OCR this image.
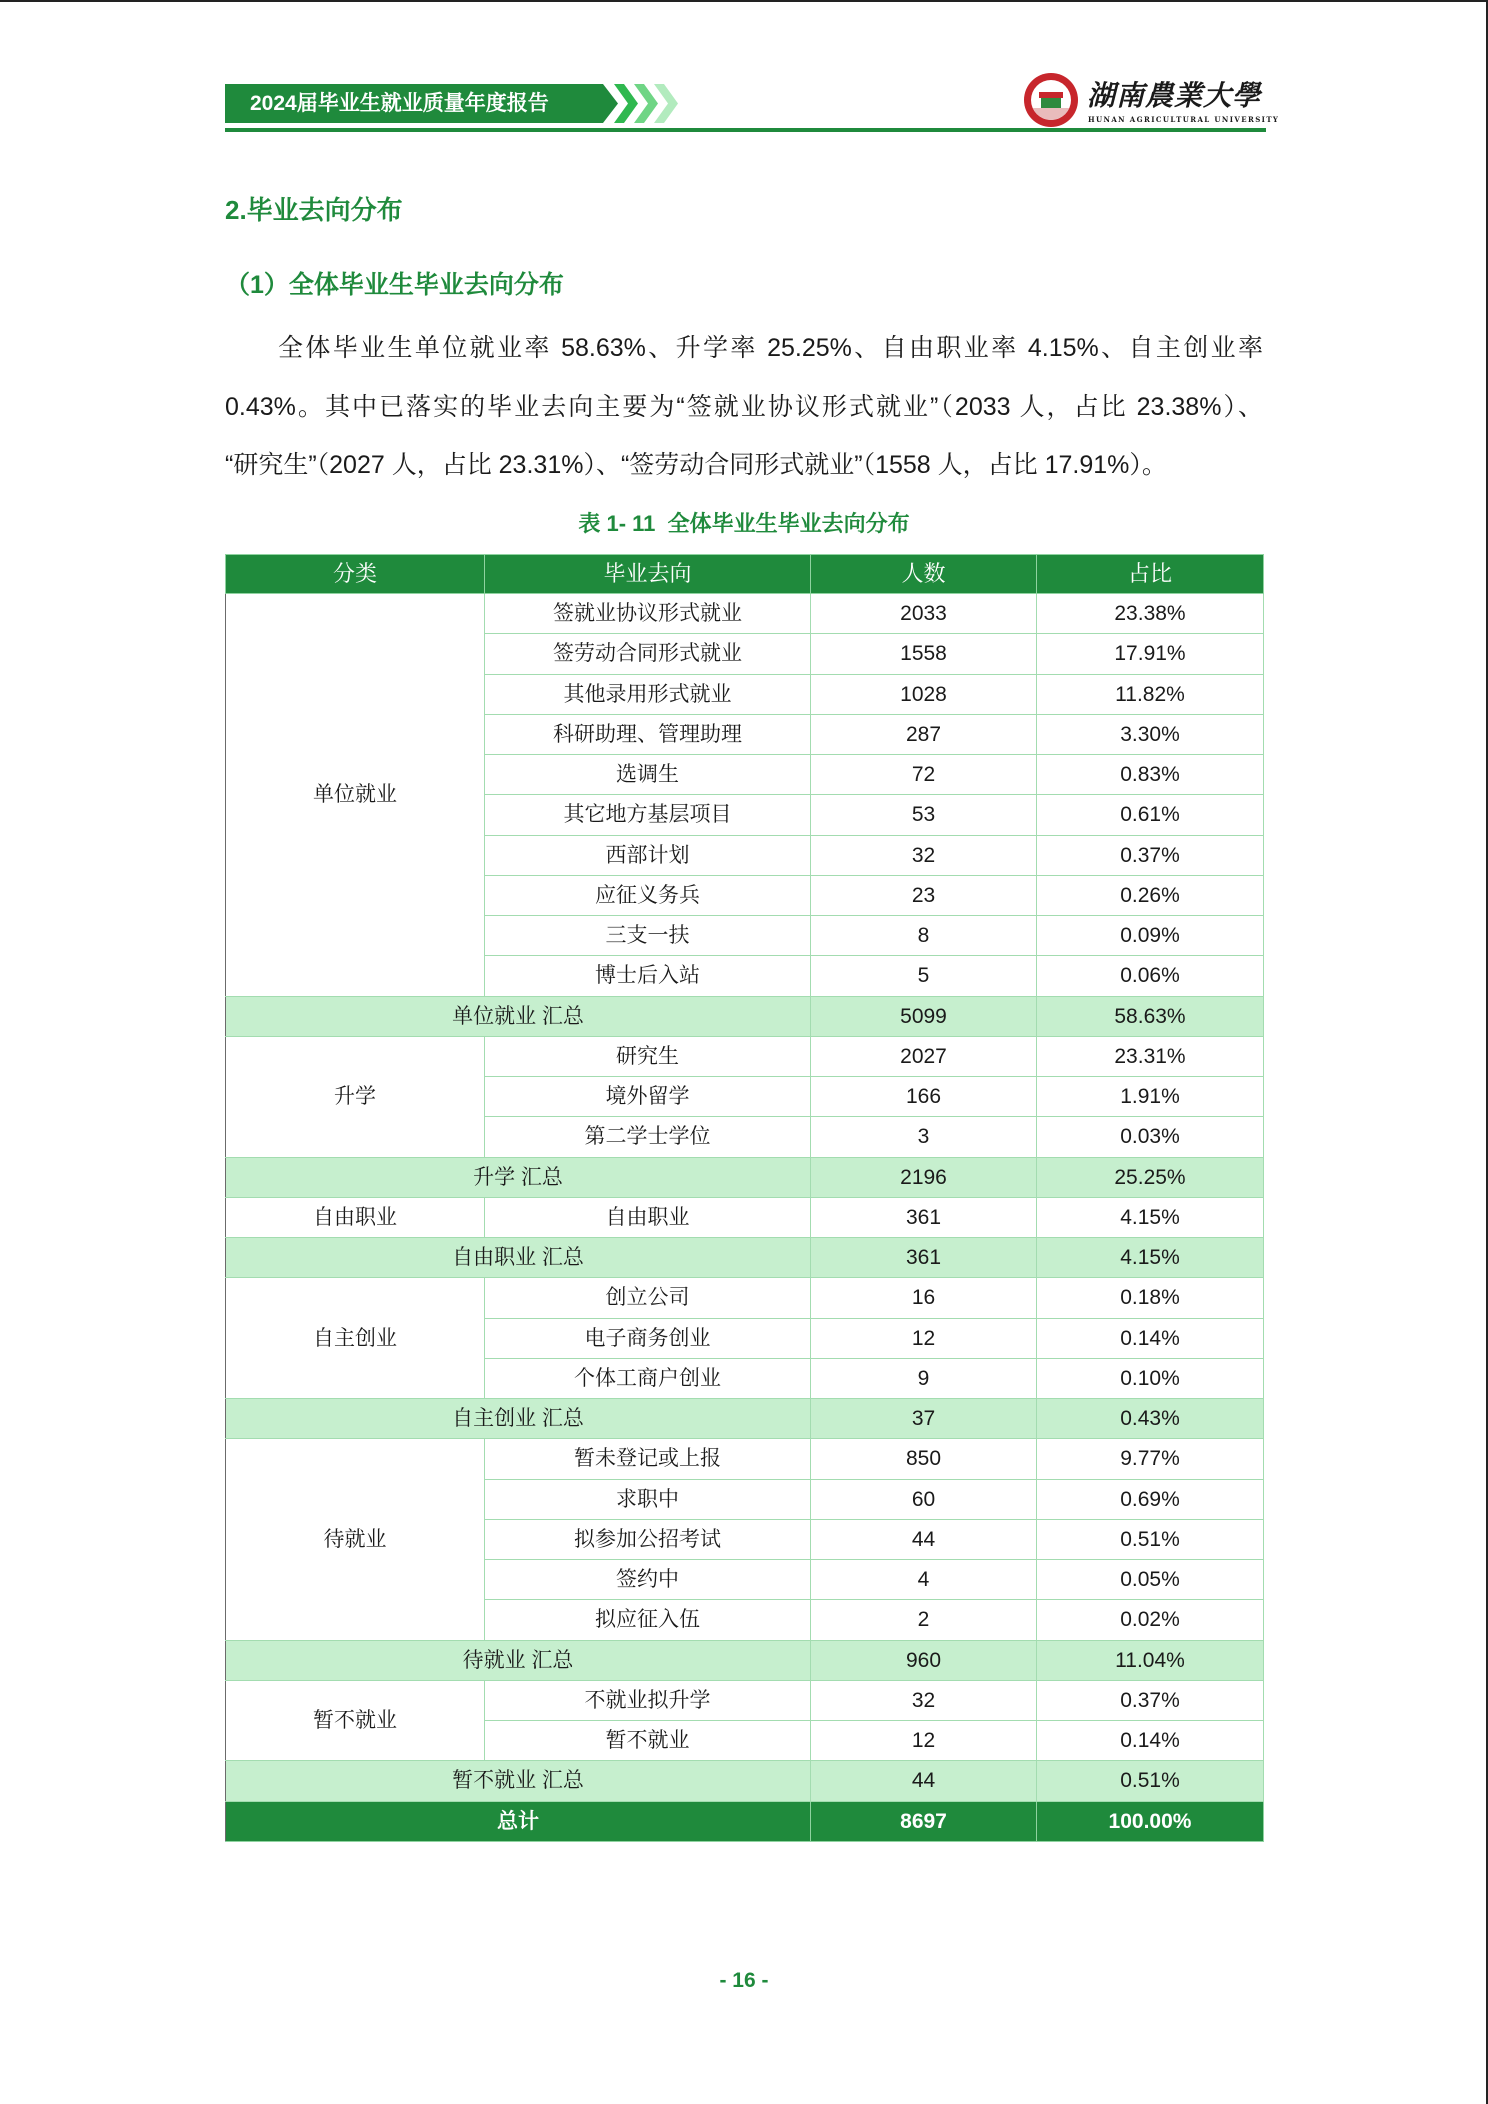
2024届毕业生就业质量年度报告	湖南農業大學
HUNAN AGRICULTURAL UNIVERSITY
2.毕业去向分布
（1）全体毕业生毕业去向分布
全体毕业生单位就业率 58.63%、升学率 25.25%、自由职业率 4.15%、自主创业率
0.43%。其中已落实的毕业去向主要为“签就业协议形式就业”（2033 人，占比 23.38%）、
“研究生”（2027 人，占比 23.31%）、“签劳动合同形式就业”（1558 人，占比 17.91%）。
表 1- 11  全体毕业生毕业去向分布
分类	毕业去向	人数	占比
单位就业	签就业协议形式就业	2033	23.38%
	签劳动合同形式就业	1558	17.91%
	其他录用形式就业	1028	11.82%
	科研助理、管理助理	287	3.30%
	选调生	72	0.83%
	其它地方基层项目	53	0.61%
	西部计划	32	0.37%
	应征义务兵	23	0.26%
	三支一扶	8	0.09%
	博士后入站	5	0.06%
单位就业 汇总		5099	58.63%
升学	研究生	2027	23.31%
	境外留学	166	1.91%
	第二学士学位	3	0.03%
升学 汇总		2196	25.25%
自由职业	自由职业	361	4.15%
自由职业 汇总		361	4.15%
自主创业	创立公司	16	0.18%
	电子商务创业	12	0.14%
	个体工商户创业	9	0.10%
自主创业 汇总		37	0.43%
待就业	暂未登记或上报	850	9.77%
	求职中	60	0.69%
	拟参加公招考试	44	0.51%
	签约中	4	0.05%
	拟应征入伍	2	0.02%
待就业 汇总		960	11.04%
暂不就业	不就业拟升学	32	0.37%
	暂不就业	12	0.14%
暂不就业 汇总		44	0.51%
总计		8697	100.00%
- 16 -
